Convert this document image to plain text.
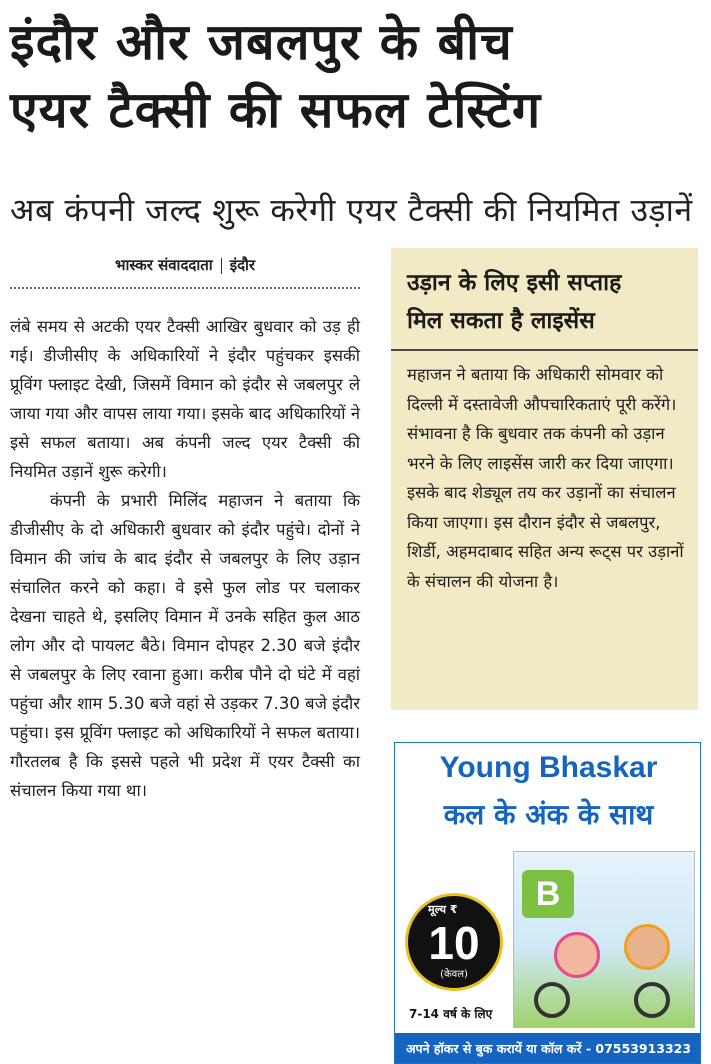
इंदौर और जबलपुर के बीच
एयर टैक्सी की सफल टेस्टिंग
अब कंपनी जल्द शुरू करेगी एयर टैक्सी की नियमित उड़ानें
भास्कर संवाददाता इंदौर

लंबे समय से अटकी एयर टैक्सी आखिर बुधवार को उड़ ही गई। डीजीसीए के अधिकारियों ने इंदौर पहुंचकर इसकी प्रूविंग फ्लाइट देखी, जिसमें विमान को इंदौर से जबलपुर ले जाया गया और वापस लाया गया। इसके बाद अधिकारियों ने इसे सफल बताया। अब कंपनी जल्द एयर टैक्सी की नियमित उड़ानें शुरू करेगी।

कंपनी के प्रभारी मिलिंद महाजन ने बताया कि डीजीसीए के दो अधिकारी बुधवार को इंदौर पहुंचे। दोनों ने विमान की जांच के बाद इंदौर से जबलपुर के लिए उड़ान संचालित करने को कहा। वे इसे फुल लोड पर चलाकर देखना चाहते थे, इसलिए विमान में उनके सहित कुल आठ लोग और दो पायलट बैठे। विमान दोपहर 2.30 बजे इंदौर से जबलपुर के लिए रवाना हुआ। करीब पौने दो घंटे में वहां पहुंचा और शाम 5.30 बजे वहां से उड़कर 7.30 बजे इंदौर पहुंचा। इस प्रूविंग फ्लाइट को अधिकारियों ने सफल बताया। गौरतलब है कि इससे पहले भी प्रदेश में एयर टैक्सी का संचालन किया गया था।

उड़ान के लिए इसी सप्ताह
मिल सकता है लाइसेंस
महाजन ने बताया कि अधिकारी सोमवार को दिल्ली में दस्तावेजी औपचारिकताएं पूरी करेंगे। संभावना है कि बुधवार तक कंपनी को उड़ान भरने के लिए लाइसेंस जारी कर दिया जाएगा। इसके बाद शेड्यूल तय कर उड़ानों का संचालन किया जाएगा। इस दौरान इंदौर से जबलपुर, शिर्डी, अहमदाबाद सहित अन्य रूट्स पर उड़ानों के संचालन की योजना है।
Young Bhaskar
कल के अंक के साथ
B
मूल्य ₹
10
(केवल)
7-14 वर्ष के लिए
अपने हॉकर से बुक करायें या कॉल करें - 07553913323
